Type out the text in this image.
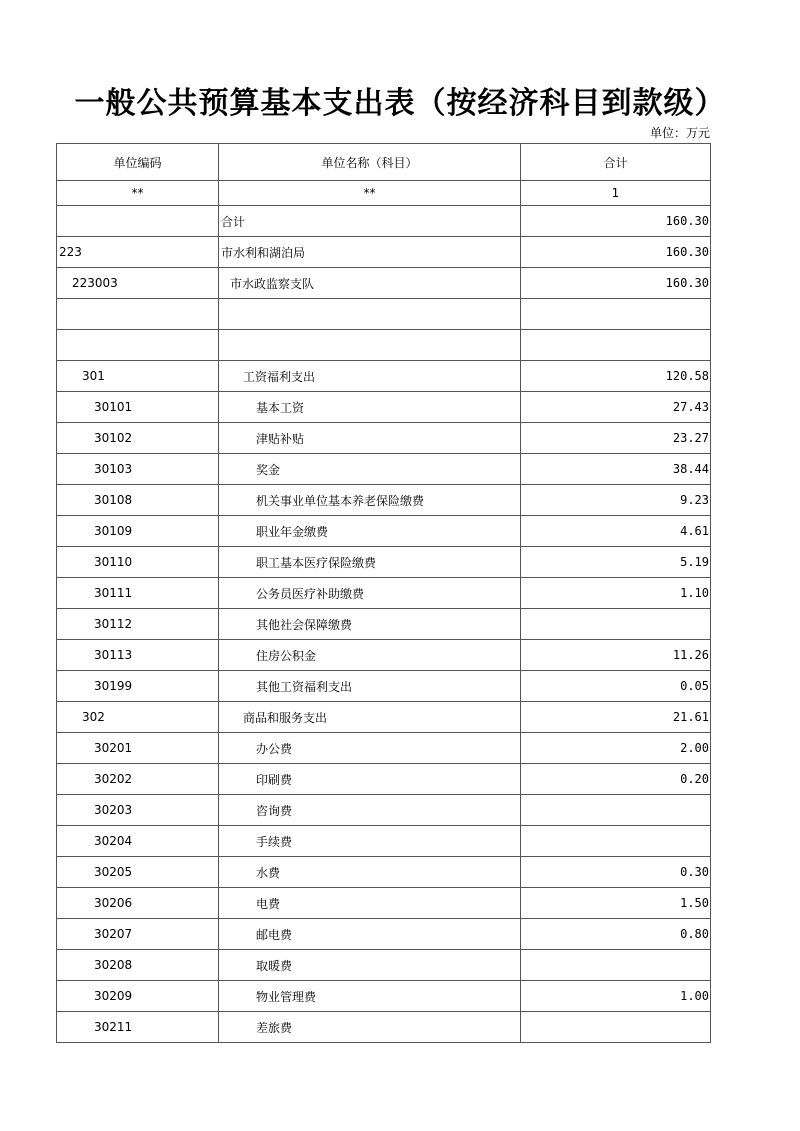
一般公共预算基本支出表（按经济科目到款级）
单位：万元
单位编码	单位名称（科目）	合计
**	**	1
	合计	160.30
223	市水利和湖泊局	160.30
223003	市水政监察支队	160.30

301	工资福利支出	120.58
30101	基本工资	27.43
30102	津贴补贴	23.27
30103	奖金	38.44
30108	机关事业单位基本养老保险缴费	9.23
30109	职业年金缴费	4.61
30110	职工基本医疗保险缴费	5.19
30111	公务员医疗补助缴费	1.10
30112	其他社会保障缴费	
30113	住房公积金	11.26
30199	其他工资福利支出	0.05
302	商品和服务支出	21.61
30201	办公费	2.00
30202	印刷费	0.20
30203	咨询费	
30204	手续费	
30205	水费	0.30
30206	电费	1.50
30207	邮电费	0.80
30208	取暖费	
30209	物业管理费	1.00
30211	差旅费	
